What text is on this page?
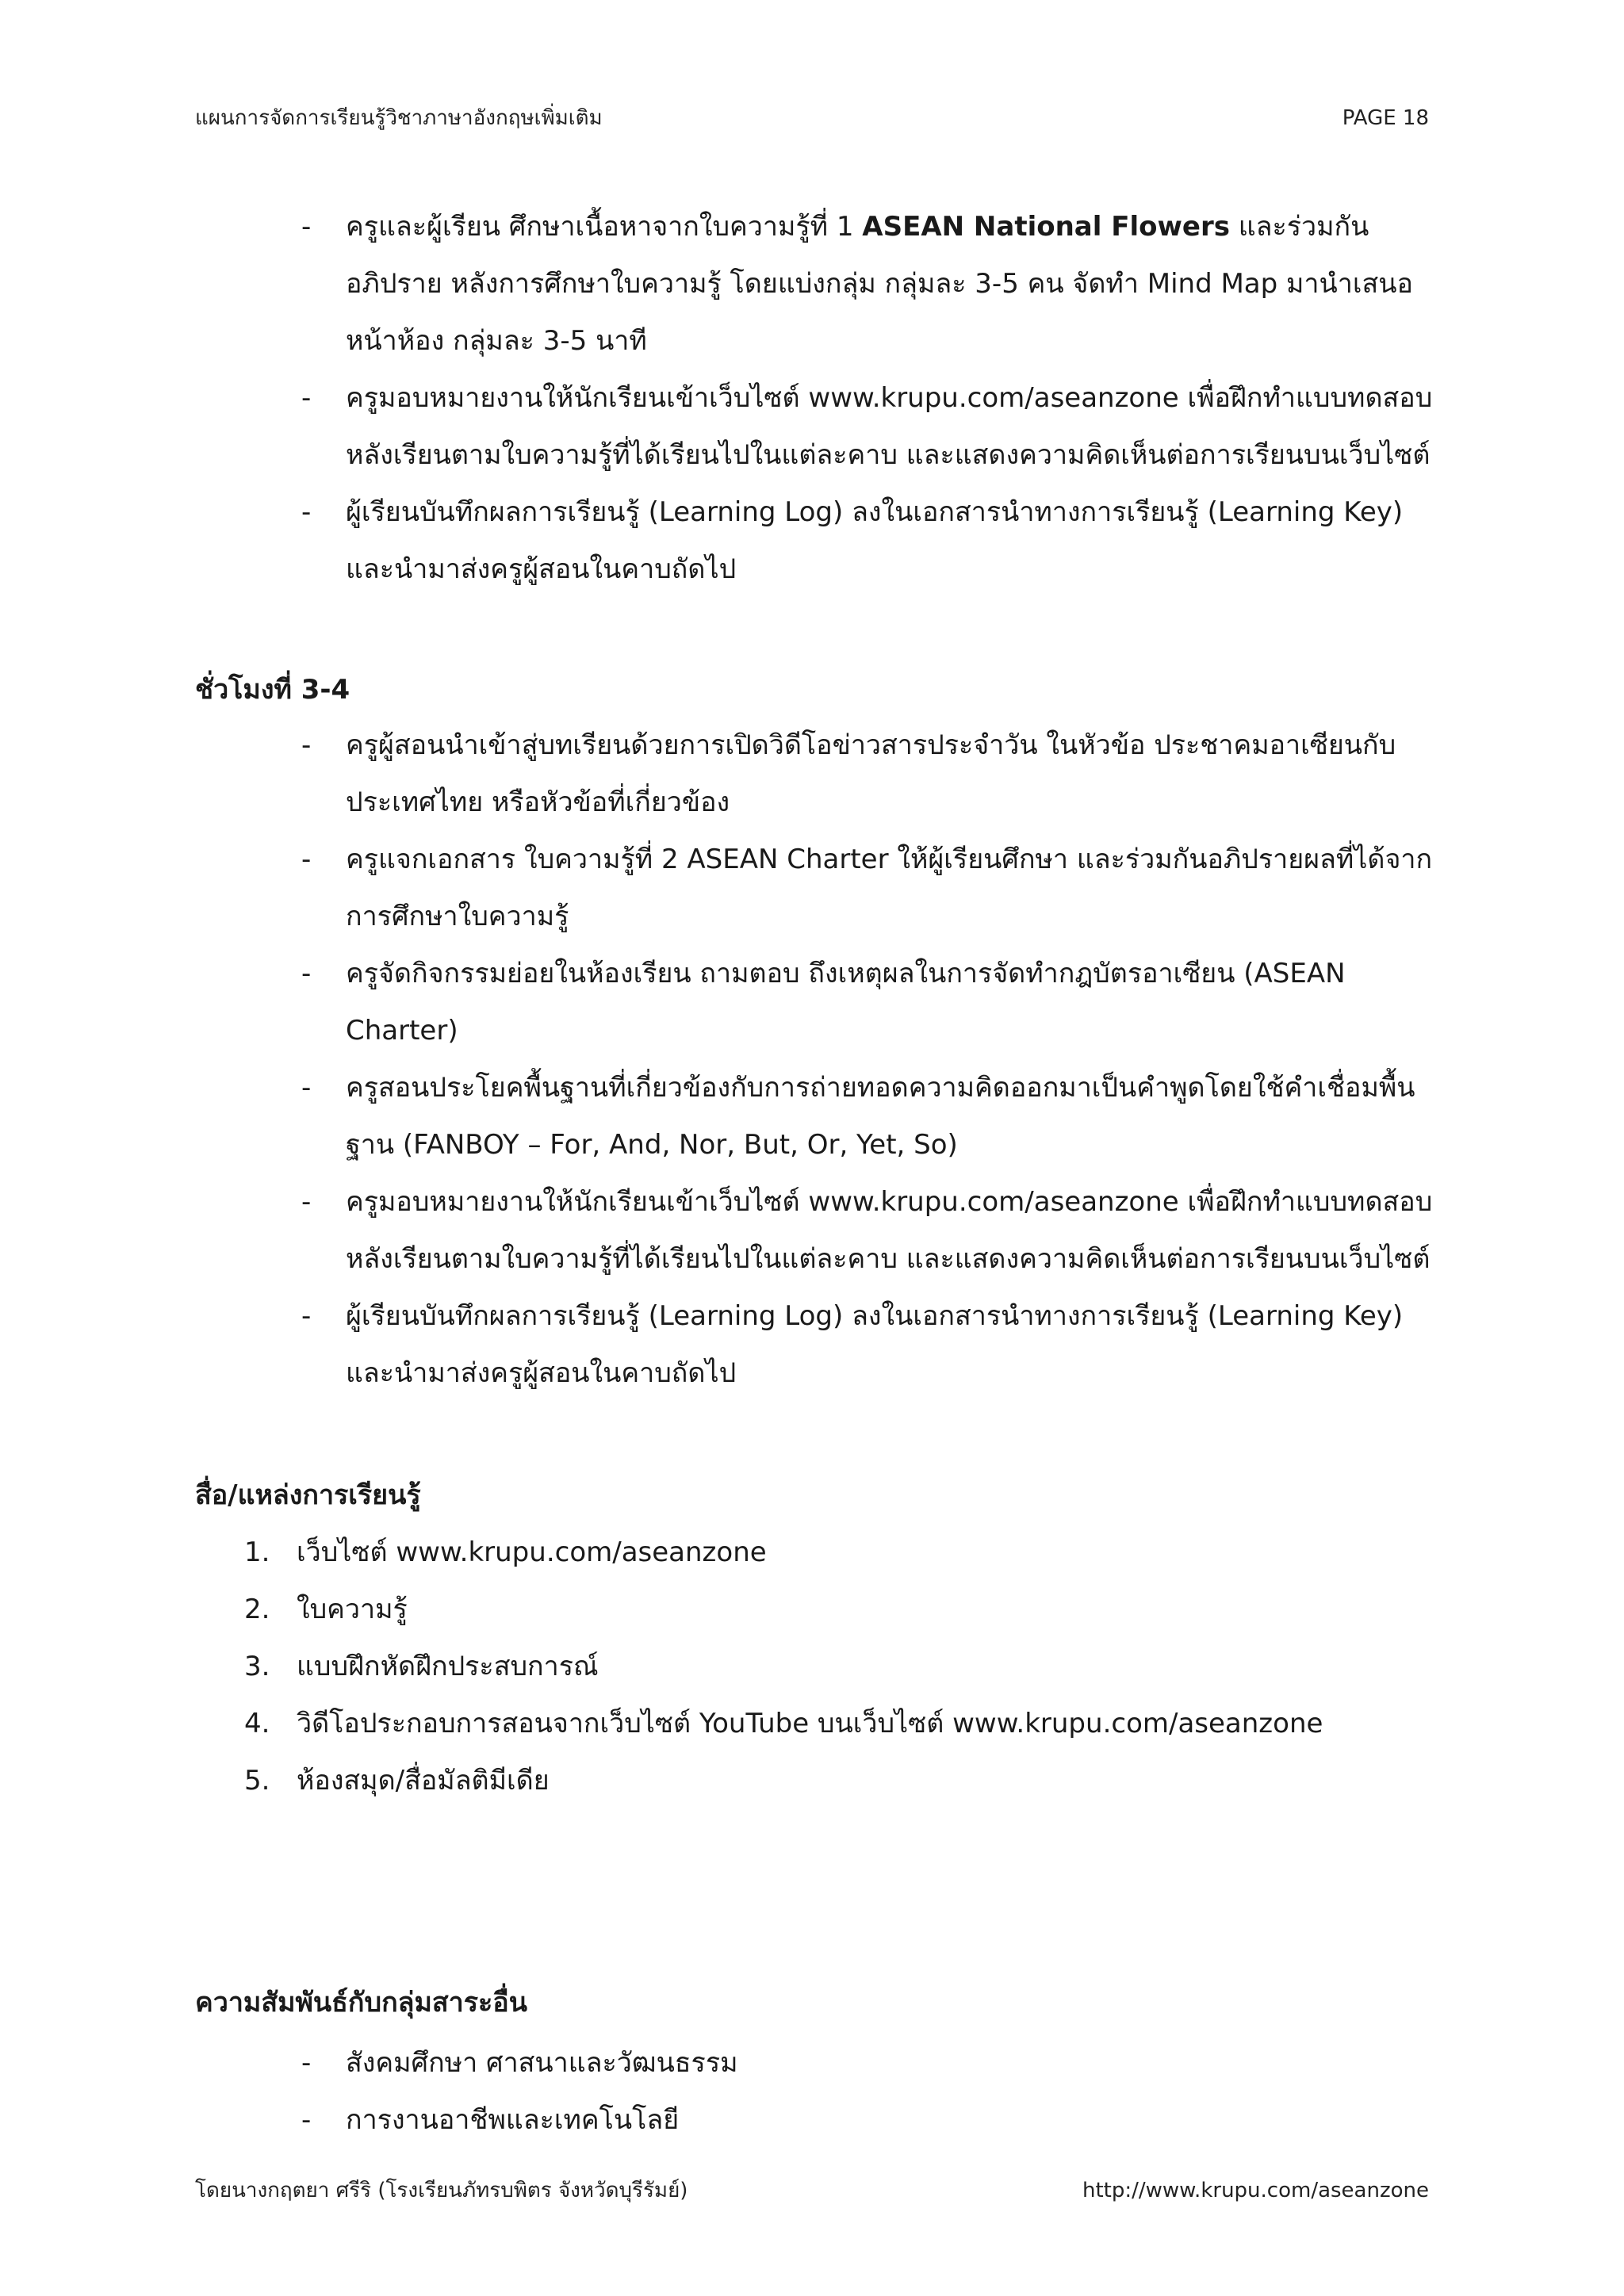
แผนการจัดการเรียนรู้วิชาภาษาอังกฤษเพิ่มเติม	PAGE 18
-	ครูและผู้เรียน ศึกษาเนื้อหาจากใบความรู้ที่ 1 ASEAN National Flowers และร่วมกันอภิปราย หลังการศึกษาใบความรู้ โดยแบ่งกลุ่ม กลุ่มละ 3-5 คน จัดทำ Mind Map มานำเสนอหน้าห้อง กลุ่มละ 3-5 นาที
-	ครูมอบหมายงานให้นักเรียนเข้าเว็บไซต์ www.krupu.com/aseanzone เพื่อฝึกทำแบบทดสอบหลังเรียนตามใบความรู้ที่ได้เรียนไปในแต่ละคาบ และแสดงความคิดเห็นต่อการเรียนบนเว็บไซต์
-	ผู้เรียนบันทึกผลการเรียนรู้ (Learning Log) ลงในเอกสารนำทางการเรียนรู้ (Learning Key) และนำมาส่งครูผู้สอนในคาบถัดไป
ชั่วโมงที่ 3-4
-	ครูผู้สอนนำเข้าสู่บทเรียนด้วยการเปิดวิดีโอข่าวสารประจำวัน ในหัวข้อ ประชาคมอาเซียนกับประเทศไทย หรือหัวข้อที่เกี่ยวข้อง
-	ครูแจกเอกสาร ใบความรู้ที่ 2 ASEAN Charter ให้ผู้เรียนศึกษา และร่วมกันอภิปรายผลที่ได้จากการศึกษาใบความรู้
-	ครูจัดกิจกรรมย่อยในห้องเรียน ถามตอบ ถึงเหตุผลในการจัดทำกฎบัตรอาเซียน (ASEAN Charter)
-	ครูสอนประโยคพื้นฐานที่เกี่ยวข้องกับการถ่ายทอดความคิดออกมาเป็นคำพูดโดยใช้คำเชื่อมพื้นฐาน (FANBOY – For, And, Nor, But, Or, Yet, So)
-	ครูมอบหมายงานให้นักเรียนเข้าเว็บไซต์ www.krupu.com/aseanzone เพื่อฝึกทำแบบทดสอบหลังเรียนตามใบความรู้ที่ได้เรียนไปในแต่ละคาบ และแสดงความคิดเห็นต่อการเรียนบนเว็บไซต์
-	ผู้เรียนบันทึกผลการเรียนรู้ (Learning Log) ลงในเอกสารนำทางการเรียนรู้ (Learning Key) และนำมาส่งครูผู้สอนในคาบถัดไป
สื่อ/แหล่งการเรียนรู้
1. เว็บไซต์ www.krupu.com/aseanzone
2. ใบความรู้
3. แบบฝึกหัดฝึกประสบการณ์
4. วิดีโอประกอบการสอนจากเว็บไซต์ YouTube บนเว็บไซต์ www.krupu.com/aseanzone
5. ห้องสมุด/สื่อมัลติมีเดีย
ความสัมพันธ์กับกลุ่มสาระอื่น
-	สังคมศึกษา ศาสนาและวัฒนธรรม
-	การงานอาชีพและเทคโนโลยี
โดยนางกฤตยา ศรีริ (โรงเรียนภัทรบพิตร จังหวัดบุรีรัมย์)	http://www.krupu.com/aseanzone
